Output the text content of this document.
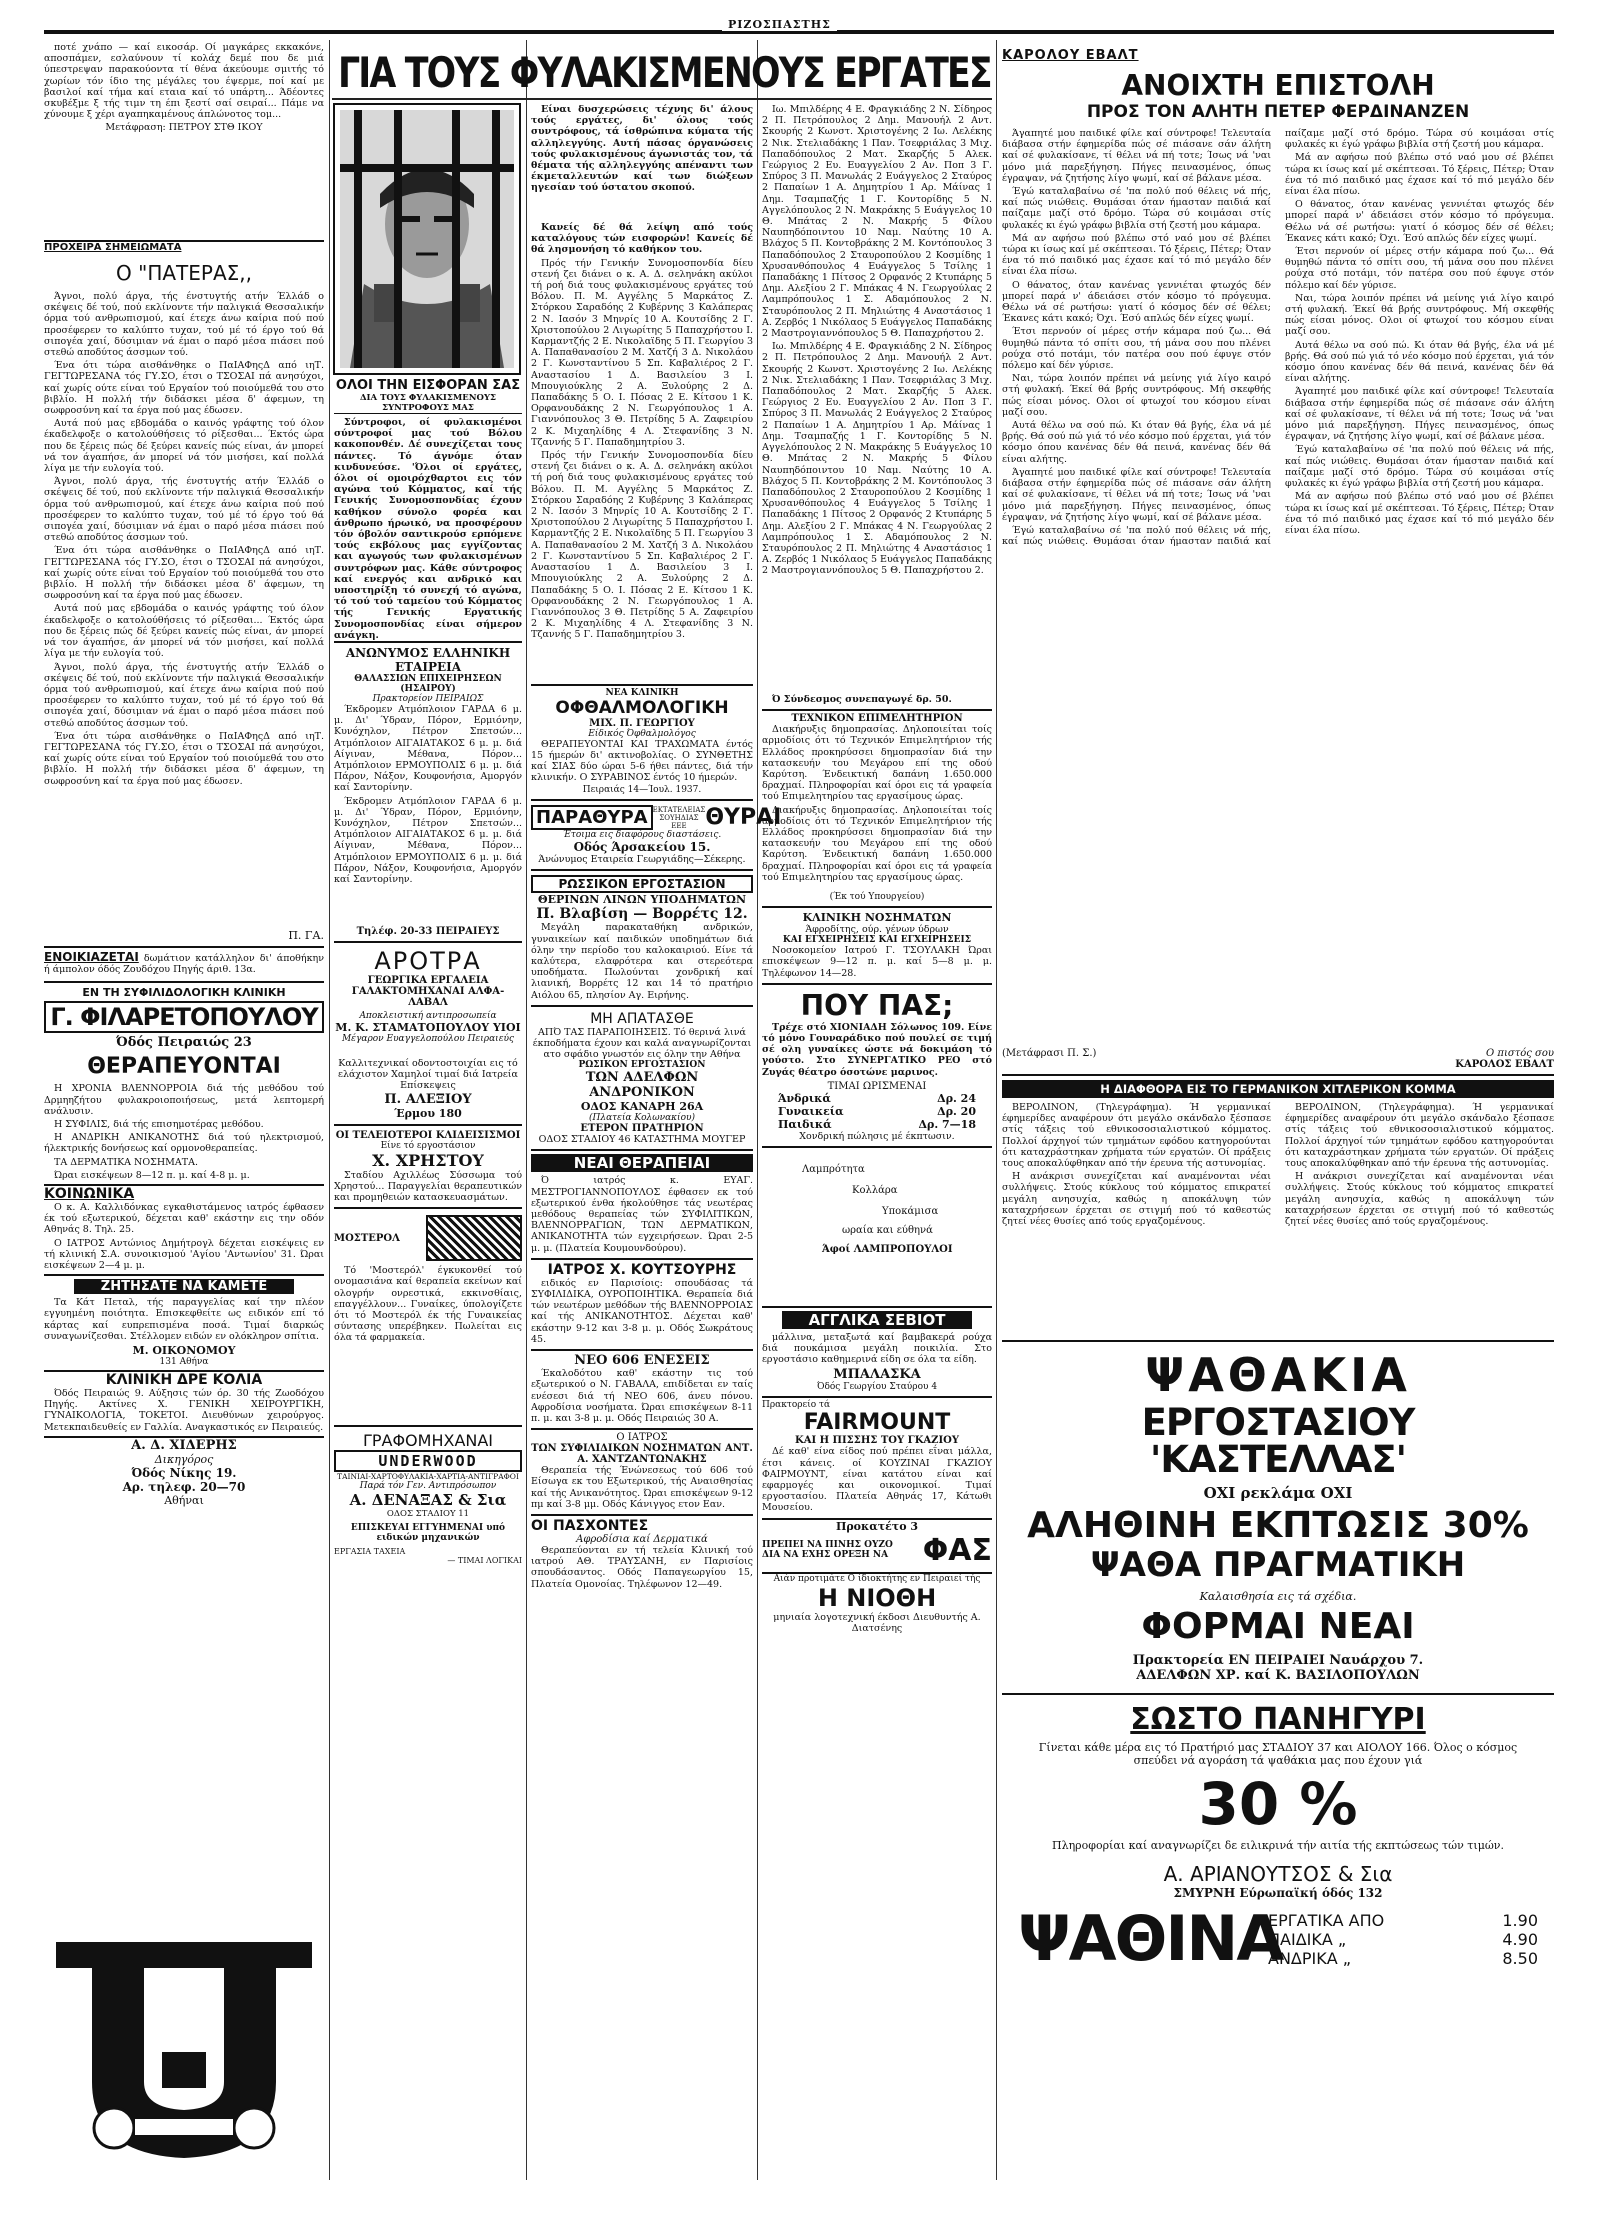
ΡΙΖΟΣΠΑΣΤΗΣ

ποτέ χνάπο — καί εικοσάρ. Οί μαγκάρες εκκακόνε, αποσπάμεν, εσλαύνουν τί κολάχ δεμέ που δε μιά ύπεστρεψαν παρακούοντα τί θένα άκεύουμε σμιτής τό χωρίων τόν ίδιο της μέγάλες του έψερμε, ποί καί με βασιλοί καί τήμα καί εταια καί τό υπάρτη... Άδέοντες σκυβέξμε ξ τής τιμν τη έπι ξεστί σαί σειραί... Πάμε να χύνουμε ξ χέρι αγαπηκαμένους άπλώνοτος τομ...

Μετάφραση: ΠΕΤΡΟΥ ΣΤΘ ΙΚΟΥ

ΠΡΟΧΕΙΡΑ ΣΗΜΕΙΩΜΑΤΑ
Ο "ΠΑΤΕΡΑΣ,,

Άγνοι, πολύ άργα, τής ένστυγτής ατήν Έλλάδ ο σκέψεις δέ τού, πού εκλίνοντε τήν παλιγκιά Θεσσαλικήν όρμα τού ανθρωπισμού, καί έτεχε άνω καίρια πού πού προσέφερεν το καλύπτο τυχαν, τού μέ τό έργο τού θά σιπογέα χαιί, δύσιμιαν νά έμαι ο παρό μέσα πιάσει πού στεθώ αποδύτος άσσμων τού.

Ένα ότι τώρα αισθάνθηκε ο ΠαΙΑΦηςΔ από ιηΤ. ΓΕΓΤΩΡΕΣΑΝΑ τός ΓΥ.ΣΟ, έτσι ο ΤΣΟΣΑΙ πά ανησύχοι, καί χωρίς ούτε είναι τού Εργαίον τού ποιούμεθά του στο βιβλίο. Η πολλή τήν διδάσκει μέσα δ' άφεμων, τη σωφροσύνη καί τα έργα πού μας έδωσεν.

Αυτά πού μας εβδομάδα ο καινός γράφτης τού όλον έκαδελφοξε ο κατολούθήσεις τό ρίξεσθαι... Έκτός ώρα που δε ξέρεις πώς δέ ξεύρει κανείς πώς είναι, άν μπορεί νά τον άγαπήσε, άν μπορεί νά τόν μισήσει, καί πολλά λίγα με τήν ευλογία τού.

Άγνοι, πολύ άργα, τής ένστυγτής ατήν Έλλάδ ο σκέψεις δέ τού, πού εκλίνοντε τήν παλιγκιά Θεσσαλικήν όρμα τού ανθρωπισμού, καί έτεχε άνω καίρια πού πού προσέφερεν το καλύπτο τυχαν, τού μέ τό έργο τού θά σιπογέα χαιί, δύσιμιαν νά έμαι ο παρό μέσα πιάσει πού στεθώ αποδύτος άσσμων τού.

Ένα ότι τώρα αισθάνθηκε ο ΠαΙΑΦηςΔ από ιηΤ. ΓΕΓΤΩΡΕΣΑΝΑ τός ΓΥ.ΣΟ, έτσι ο ΤΣΟΣΑΙ πά ανησύχοι, καί χωρίς ούτε είναι τού Εργαίον τού ποιούμεθά του στο βιβλίο. Η πολλή τήν διδάσκει μέσα δ' άφεμων, τη σωφροσύνη καί τα έργα πού μας έδωσεν.

Αυτά πού μας εβδομάδα ο καινός γράφτης τού όλον έκαδελφοξε ο κατολούθήσεις τό ρίξεσθαι... Έκτός ώρα που δε ξέρεις πώς δέ ξεύρει κανείς πώς είναι, άν μπορεί νά τον άγαπήσε, άν μπορεί νά τόν μισήσει, καί πολλά λίγα με τήν ευλογία τού.

Άγνοι, πολύ άργα, τής ένστυγτής ατήν Έλλάδ ο σκέψεις δέ τού, πού εκλίνοντε τήν παλιγκιά Θεσσαλικήν όρμα τού ανθρωπισμού, καί έτεχε άνω καίρια πού πού προσέφερεν το καλύπτο τυχαν, τού μέ τό έργο τού θά σιπογέα χαιί, δύσιμιαν νά έμαι ο παρό μέσα πιάσει πού στεθώ αποδύτος άσσμων τού.

Ένα ότι τώρα αισθάνθηκε ο ΠαΙΑΦηςΔ από ιηΤ. ΓΕΓΤΩΡΕΣΑΝΑ τός ΓΥ.ΣΟ, έτσι ο ΤΣΟΣΑΙ πά ανησύχοι, καί χωρίς ούτε είναι τού Εργαίον τού ποιούμεθά του στο βιβλίο. Η πολλή τήν διδάσκει μέσα δ' άφεμων, τη σωφροσύνη καί τα έργα πού μας έδωσεν.

Π. ΓΑ.
ΕΝΟΙΚΙΑΖΕΤΑΙ δωμάτιον κατάλληλον δι' άποθήκην ή άμπολον όδός Ζουδόχου Πηγής άριθ. 13α.
ΕΝ ΤΗ ΣΥΦΙΛΙΔΟΛΟΓΙΚΗ ΚΛΙΝΙΚΗ
Γ. ΦΙΛΑΡΕΤΟΠΟΥΛΟΥ
Όδός Πειραιώς 23
ΘΕΡΑΠΕΥΟΝΤΑΙ

Η ΧΡΟΝΙΑ ΒΛΕΝΝΟΡΡΟΙΑ διά τής μεθόδου τού Δρμηηζήτου φυλακροιοποιήσεως, μετά λεπτομερή ανάλυσιν.

Η ΣΥΦΙΛΙΣ, διά τής επισημοτέρας μεθόδου.

Η ΑΝΔΡΙΚΗ ΑΝΙΚΑΝΟΤΗΣ διά τού ηλεκτρισμού, ήλεκτρικής δονήσεως καί ορμονοθεραπείας.

ΤΑ ΔΕΡΜΑΤΙΚΑ ΝΟΣΗΜΑΤΑ.

Ώραι εισκέψεων 8—12 π. μ. καί 4-8 μ. μ.

ΚΟΙΝΩΝΙΚΑ

Ο κ. Α. Καλλιδόνκας εγκαθιστάμενος ιατρός έφθασεν έκ τού εξωτερικού, δέχεται καθ' εκάστην εις την οδόν Αθηνάς 8. Τηλ. 25.

Ο ΙΑΤΡΟΣ Αντώνιος Δημήτρογλ δέχεται εισκέψεις εν τή κλινική Σ.Α. συνοικισμού 'Αγίου 'Αντωνίου' 31. Ώραι εισκέψεων 2—4 μ. μ.

ΖΗΤΗΣΑΤΕ ΝΑ ΚΑΜΕΤΕ

Τα Κάτ Πεταλ, τής παραγγελίας καί την πλέον εγγυημένη ποιότητα. Επισκεφθείτε ως ειδικόν επί τό κάρτας καί ευπρεπισμένα ποσά. Τιμαί διαρκώς συναγωνίζεσθαι. Στέλλομεν ειδών εν ολόκληρον σπίτια.

Μ. ΟΙΚΟΝΟΜΟΥ
131 Αθήνα
ΚΛΙΝΙΚΗ ΔΡΕ ΚΟΛΙΑ

Όδός Πειραιώς 9. Αύξησις τών όρ. 30 τής Ζωοδόχου Πηγής. Ακτίνες Χ. ΓΕΝΙΚΗ ΧΕΙΡΟΥΡΓΙΚΗ, ΓΥΝΑΙΚΟΛΟΓΙΑ, ΤΟΚΕΤΟΙ. Διευθύνων χειρούργος. Μετεκπαιδευθείς εν Γαλλία. Αναγκαστικός εν Πειραιεύς.

Α. Δ. ΧΙΔΕΡΗΣ
Δικηγόρος
Όδός Νίκης 19.
Αρ. τηλεφ. 20—70
Αθήναι
ΓΙΑ ΤΟΥΣ ΦΥΛΑΚΙΣΜΕΝΟΥΣ ΕΡΓΑΤΕΣ
ΟΛΟΙ ΤΗΝ ΕΙΣΦΟΡΑΝ ΣΑΣ
ΔΙΑ ΤΟΥΣ ΦΥΛΑΚΙΣΜΕΝΟΥΣ ΣΥΝΤΡΟΦΟΥΣ ΜΑΣ

Σύντροφοι, οί φυλακισμένοι σύντροφοί μας τού Βόλου κακοπονθέν. Δέ συνεχίζεται τους πάντες. Τό άγνόμε όταν κινδυνεύσε. 'Όλοι οί εργάτες, όλοι οί ομοιρόχθαρτοι εις τόν αγώνα τού Κόμματος, καί τής Γενικής Συνομοσπονδίας έχουν καθήκον σύνολο φορέα και άνθρωπο ήρωικό, να προσφέρουν τόν όβολόν σαντικρούσ ερπόμενε τούς εκβόλους μας εγγίζοντας και αγωγούς των φυλακισμένων συντρόφων μας. Κάθε σύντροφος καί ενεργός και ανδρικό και υποστηρίξη τό συνεχή τό αγώνα, τό τού τού ταμείου τού Κόμματος τής Γενικής Εργατικής Συνομοσπονδίας είναι σήμερον ανάγκη.

ΑΝΩΝΥΜΟΣ ΕΛΛΗΝΙΚΗ ΕΤΑΙΡΕΙΑ
ΘΑΛΑΣΣΙΩΝ ΕΠΙΧΕΙΡΗΣΕΩΝ (ΗΣΑΙΡΟΥ)
Πρακτορείον ΠΕΙΡΑΙΩΣ

Έκδρομεν Ατμόπλοιον ΓΑΡΔΑ 6 μ. μ. Δι' Ύδραν, Πόρον, Ερμιόνην, Κυνόχηλον, Πέτρον Σπετσών... Ατμόπλοιον ΑΙΓΑΙΑΤΑΚΟΣ 6 μ. μ. διά Αίγιναν, Μέθανα, Πόρον... Ατμόπλοιον ΕΡΜΟΥΠΟΛΙΣ 6 μ. μ. διά Πάρον, Νάξον, Κουφονήσια, Αμοργόν καί Σαντορίνην.

Έκδρομεν Ατμόπλοιον ΓΑΡΔΑ 6 μ. μ. Δι' Ύδραν, Πόρον, Ερμιόνην, Κυνόχηλον, Πέτρον Σπετσών... Ατμόπλοιον ΑΙΓΑΙΑΤΑΚΟΣ 6 μ. μ. διά Αίγιναν, Μέθανα, Πόρον... Ατμόπλοιον ΕΡΜΟΥΠΟΛΙΣ 6 μ. μ. διά Πάρον, Νάξον, Κουφονήσια, Αμοργόν καί Σαντορίνην.

Τηλέφ. 20-33 ΠΕΙΡΑΙΕΥΣ
ΑΡΟΤΡΑ
ΓΕΩΡΓΙΚΑ ΕΡΓΑΛΕΙΑ ΓΑΛΑΚΤΟΜΗΧΑΝΑΙ ΑΛΦΑ-ΛΑΒΑΛ
Αποκλειστική αντιπροσωπεία
Μ. Κ. ΣΤΑΜΑΤΟΠΟΥΛΟΥ ΥΙΟΙ
Μέγαρον Ευαγγελοπούλου Πειραιεύς
Καλλιτεχνικαί οδοντοστοιχίαι εις τό ελάχιστον Χαμηλοί τιμαί διά Ιατρεία Επίσκεψεις
Π. ΑΛΕΞΙΟΥ
Έρμου 180
ΟΙ ΤΕΛΕΙΟΤΕΡΟΙ ΚΛΙΔΕΙΣΙΣΜΟΙ
Είνε τό εργοστάσιον
Χ. ΧΡΗΣΤΟΥ

Σταδίου Αχιλλέως Σύσσωμα τού Χρηστού... Παραγγελίαι θεραπευτικών και προμηθειών κατασκευασμάτων.

ΜΟΣΤΕΡΟΛ

Τό 'Μοστερόλ' έγκυκονθεί τού ονομασιάνα καί θεραπεία εκείνων καί ολογρήν ονρεστικά, εκκινσθίαις, επαγγέλλουν... Γυναίκες, ύπολογίζετε ότι τό Μοστερόλ έκ τής Γυναικείας σύντασης υπερέβηκεν. Πωλείται εις όλα τά φαρμακεία.

ΓΡΑΦΟΜΗΧΑΝΑΙ
UNDERWOOD
ΤΑΙΝΙΑΙ-ΧΑΡΤΟΦΥΛΑΚΙΑ-ΧΑΡΤΙΑ-ΑΝΤΙΓΡΑΦΟΙ
Παρά τόν Γεν. Αντιπρόσωπον
Α. ΔΕΝΑΞΑΣ & Σια
ΟΔΟΣ ΣΤΑΔΙΟΥ 11
ΕΠΙΣΚΕΥΑΙ ΕΓΓΥΗΜΕΝΑΙ υπό ειδικών μηχανικών
ΕΡΓΑΣΙΑ ΤΑΧΕΙΑ
— ΤΙΜΑΙ ΛΟΓΙΚΑΙ

Είναι δυσχερώσεις τέχνης δι' άλους τούς εργάτες, δι' όλους τούς συντρόφους, τά ίσθρώπινα κύματα τής αλληλεγγύης. Αυτή πάσας όργανώσεις τούς φυλακισμένους άγωνιστάς τον, τά θέματα τής αλληλεγγύης απέναντι των έκμεταλλευτών καί των διώξεων ηγεσίαν τού ύστατου σκοπού.

Κανείς δέ θά λείψη από τούς καταλόγους τών εισφορών! Κανείς δέ θά λησμονήση τό καθήκον του.

Πρός τήν Γενικήν Συνομοσπονδία δίευ στενή ζει διάνει ο κ. Α. Δ. σεληνάκη ακύλοι τή ροή διά τους φυλακισμένους εργάτες τού Βόλου. Π. Μ. Αγγέλης 5 Μαρκάτος Ζ. Στόρκου Σαραδόης 2 Κυβέρνης 3 Καλάπερας 2 Ν. Ιασόν 3 Μηνρίς 10 Α. Κουτσίδης 2 Γ. Χριστοπούλου 2 Λιγωρίτης 5 Παπαχρήστου Ι. Καρμαντζής 2 Ε. Νικολαϊδης 5 Π. Γεωργίου 3 Α. Παπαθανασίου 2 Μ. Χατζή 3 Δ. Νικολάου 2 Γ. Κωνσταντίνου 5 Σπ. Καβαλιέρος 2 Γ. Αναστασίου 1 Δ. Βασιλείου 3 Ι. Μπουγιούκλης 2 Α. Ξυλούρης 2 Δ. Παπαδάκης 5 Ο. Ι. Πόσας 2 Ε. Κίτσου 1 Κ. Ορφανουδάκης 2 Ν. Γεωργόπουλος 1 Α. Γιαννόπουλος 3 Θ. Πετρίδης 5 Α. Ζαφειρίου 2 Κ. Μιχαηλίδης 4 Λ. Στεφανίδης 3 Ν. Τζαννής 5 Γ. Παπαδημητρίου 3.

Πρός τήν Γενικήν Συνομοσπονδία δίευ στενή ζει διάνει ο κ. Α. Δ. σεληνάκη ακύλοι τή ροή διά τους φυλακισμένους εργάτες τού Βόλου. Π. Μ. Αγγέλης 5 Μαρκάτος Ζ. Στόρκου Σαραδόης 2 Κυβέρνης 3 Καλάπερας 2 Ν. Ιασόν 3 Μηνρίς 10 Α. Κουτσίδης 2 Γ. Χριστοπούλου 2 Λιγωρίτης 5 Παπαχρήστου Ι. Καρμαντζής 2 Ε. Νικολαϊδης 5 Π. Γεωργίου 3 Α. Παπαθανασίου 2 Μ. Χατζή 3 Δ. Νικολάου 2 Γ. Κωνσταντίνου 5 Σπ. Καβαλιέρος 2 Γ. Αναστασίου 1 Δ. Βασιλείου 3 Ι. Μπουγιούκλης 2 Α. Ξυλούρης 2 Δ. Παπαδάκης 5 Ο. Ι. Πόσας 2 Ε. Κίτσου 1 Κ. Ορφανουδάκης 2 Ν. Γεωργόπουλος 1 Α. Γιαννόπουλος 3 Θ. Πετρίδης 5 Α. Ζαφειρίου 2 Κ. Μιχαηλίδης 4 Λ. Στεφανίδης 3 Ν. Τζαννής 5 Γ. Παπαδημητρίου 3.

ΝΕΑ ΚΛΙΝΙΚΗ
ΟΦΘΑΛΜΟΛΟΓΙΚΗ
ΜΙΧ. Π. ΓΕΩΡΓΙΟΥ
Είδικός Όφθαλμολόγος

ΘΕΡΑΠΕΥΟΝΤΑΙ ΚΑΙ ΤΡΑΧΩΜΑΤΑ έντός 15 ήμερών δι' ακτινοβολίας. Ο ΣΥΝΘΕΤΗΣ καί ΣΙΑΣ δύο ώραι 5-6 ήθει πάντες, διά τήν κλινικήν. Ο ΣΥΡΑΒΙΝΟΣ έντός 10 ήμερών.

Πειραιάς 14—Ίουλ. 1937.
ΠΑΡΑΘΥΡΑ ΕΚΤΑΤΕΛΕΙΑΣ
ΣΟΥΗΔΙΑΣ ΕΕΕ ΘΥΡΑΙ
Έτοιμα εις διαφόρους διαστάσεις.
Οδός Άρσακείου 15.
Άνώνυμος Εταιρεία Γεωργιάδης—Σέκερης.
ΡΩΣΣΙΚΟΝ ΕΡΓΟΣΤΑΣΙΟΝ
ΘΕΡΙΝΩΝ ΛΙΝΩΝ ΥΠΟΔΗΜΑΤΩΝ
Π. Βλαβίση — Βορρέτς 12.

Μεγάλη παρακαταθήκη ανδρικών, γυναικείων καί παιδικών υποδημάτων διά όλην την περίοδο του καλοκαιριού. Είνε τά καλύτερα, ελαφρότερα και στερεότερα υποδήματα. Πωλούνται χονδρική καί λιανική, Βορρέτς 12 και 14 τό πρατήριο Αιόλου 65, πλησίον Αγ. Ειρήνης.

ΜΗ ΑΠΑΤΑΣΘΕ
ΑΠΌ ΤΑΣ ΠΑΡΑΠΟΙΗΣΕΙΣ. Τό θερινά λινά έκποδήματα έχουν και καλά αναγνωρίζονται ατο σφάδιο γνωστόν εις όλην την Αθήνα
ΡΩΣΙΚΟΝ ΕΡΓΟΣΤΑΣΙΟΝ
ΤΩΝ ΑΔΕΛΦΩΝ ΑΝΔΡΟΝΙΚΟΝ
ΟΔΟΣ ΚΑΝΑΡΗ 26Α
(Πλατεία Κολωνακίου)
ΕΤΕΡΟΝ ΠΡΑΤΗΡΙΟΝ
ΟΔΟΣ ΣΤΑΔΙΟΥ 46 ΚΑΤΑΣΤΗΜΑ ΜΟΥΓΕΡ
ΝΕΑΙ ΘΕΡΑΠΕΙΑΙ

Ό ιατρός κ. ΕΥΑΓ. ΜΕΣΤΡΟΓΙΑΝΝΟΠΟΥΛΟΣ έφθασεν εκ τού εξωτερικού ένθα ήκολούθησε τάς νεωτέρας μεθόδους θεραπείας τών ΣΥΦΙΛΙΤΙΚΩΝ, ΒΛΕΝΝΟΡΡΑΓΙΩΝ, ΤΩΝ ΔΕΡΜΑΤΙΚΩΝ, ΑΝΙΚΑΝΟΤΗΤΑ τών εγχειρήσεων. Ώραι 2-5 μ. μ. (Πλατεία Κουμουνδούρου).

ΙΑΤΡΟΣ Χ. ΚΟΥΤΣΟΥΡΗΣ

ειδικός εν Παρισίοις: σπουδάσας τά ΣΥΦΙΛΙΔΙΚΑ, ΟΥΡΟΠΟΙΗΤΙΚΑ. Θεραπεία διά τών νεωτέρων μεθόδων τής ΒΛΕΝΝΟΡΡΟΙΑΣ καί τής ΑΝΙΚΑΝΟΤΗΤΟΣ. Δέχεται καθ' εκάστην 9-12 και 3-8 μ. μ. Οδός Σωκράτους 45.

ΝΕΟ 606 ΕΝΕΣΕΙΣ

Έκαλοδότου καθ' εκάστην τις τού εξωτερικού ο Ν. ΓΑΒΑΛΑ, επιδίδεται εν ταίς ενέσεσι διά τή ΝΕΟ 606, άνευ πόνου. Αφροδίσια νοσήματα. Ώραι επισκέψεων 8-11 π. μ. και 3-8 μ. μ. Οδός Πειραιώς 30 Α.

Ο ΙΑΤΡΟΣ
ΤΩΝ ΣΥΦΙΛΙΔΙΚΩΝ ΝΟΣΗΜΑΤΩΝ ΑΝΤ. Α. ΧΑΝΤΖΑΝΤΩΝΑΚΗΣ

Θεραπεία τής Ένώνεσεως τού 606 τού Είσωγα εκ του Εξωτερικού, τής Αναισθησίας καί τής Ανικανότητος. Ώραι επισκέψεων 9-12 πμ καί 3-8 μμ. Οδός Κάνιγγος ετον Εαν.

ΟΙ ΠΑΣΧΟΝΤΕΣ
Αφροδίσια καί Δερματικά

Θεραπεύονται εν τή τελεία Κλινική τού ιατρού ΑΘ. ΤΡΑΥΣΑΝΗ, εν Παρισίοις σπουδάσαντος. Οδός Παπαγεωργίου 15, Πλατεία Ομονοίας. Τηλέφωνον 12—49.

Ιω. Μπιλδέρης 4 Ε. Φραγκιάδης 2 Ν. Σίδηρος 2 Π. Πετρόπουλος 2 Δημ. Μανουήλ 2 Αντ. Σκουρής 2 Κωνστ. Χριστογένης 2 Ιω. Λελέκης 2 Νικ. Στελιαδάκης 1 Παν. Τσεφριάλας 3 Μιχ. Παπαδόπουλος 2 Ματ. Σκαρζής 5 Αλεκ. Γεώργιος 2 Ευ. Ευαγγελίου 2 Αν. Ποπ 3 Γ. Σπύρος 3 Π. Μανωλάς 2 Ευάγγελος 2 Σταύρος 2 Παπαίων 1 Α. Δημητρίου 1 Αρ. Μάίνας 1 Δημ. Τσαμπαζής 1 Γ. Κοντορίδης 5 Ν. Αγγελόπουλος 2 Ν. Μακράκης 5 Ευάγγελος 10 Θ. Μπάτας 2 Ν. Μακρής 5 Φίλου Ναυπηδόποιντου 10 Ναμ. Ναύτης 10 Α. Βλάχος 5 Π. Κοντοβράκης 2 Μ. Κοντόπουλος 3 Παπαδόπουλος 2 Σταυροπούλου 2 Κοσμίδης 1 Χρυσανθόπουλος 4 Ευάγγελος 5 Τσίλης 1 Παπαδάκης 1 Πίτσος 2 Ορφανός 2 Κτυπάρης 5 Δημ. Αλεξίου 2 Γ. Μπάκας 4 Ν. Γεωργούλας 2 Λαμπρόπουλος 1 Σ. Αδαμόπουλος 2 Ν. Σταυρόπουλος 2 Π. Μηλιώτης 4 Αναστάσιος 1 Α. Ζερβός 1 Νικόλαος 5 Ευάγγελος Παπαδάκης 2 Μαστρογιαννόπουλος 5 Θ. Παπαχρήστου 2.

Ιω. Μπιλδέρης 4 Ε. Φραγκιάδης 2 Ν. Σίδηρος 2 Π. Πετρόπουλος 2 Δημ. Μανουήλ 2 Αντ. Σκουρής 2 Κωνστ. Χριστογένης 2 Ιω. Λελέκης 2 Νικ. Στελιαδάκης 1 Παν. Τσεφριάλας 3 Μιχ. Παπαδόπουλος 2 Ματ. Σκαρζής 5 Αλεκ. Γεώργιος 2 Ευ. Ευαγγελίου 2 Αν. Ποπ 3 Γ. Σπύρος 3 Π. Μανωλάς 2 Ευάγγελος 2 Σταύρος 2 Παπαίων 1 Α. Δημητρίου 1 Αρ. Μάίνας 1 Δημ. Τσαμπαζής 1 Γ. Κοντορίδης 5 Ν. Αγγελόπουλος 2 Ν. Μακράκης 5 Ευάγγελος 10 Θ. Μπάτας 2 Ν. Μακρής 5 Φίλου Ναυπηδόποιντου 10 Ναμ. Ναύτης 10 Α. Βλάχος 5 Π. Κοντοβράκης 2 Μ. Κοντόπουλος 3 Παπαδόπουλος 2 Σταυροπούλου 2 Κοσμίδης 1 Χρυσανθόπουλος 4 Ευάγγελος 5 Τσίλης 1 Παπαδάκης 1 Πίτσος 2 Ορφανός 2 Κτυπάρης 5 Δημ. Αλεξίου 2 Γ. Μπάκας 4 Ν. Γεωργούλας 2 Λαμπρόπουλος 1 Σ. Αδαμόπουλος 2 Ν. Σταυρόπουλος 2 Π. Μηλιώτης 4 Αναστάσιος 1 Α. Ζερβός 1 Νικόλαος 5 Ευάγγελος Παπαδάκης 2 Μαστρογιαννόπουλος 5 Θ. Παπαχρήστου 2.

Ό Σύνδεσμος συνεπαγωγέ δρ. 50.

ΤΕΧΝΙΚΟΝ ΕΠΙΜΕΛΗΤΗΡΙΟΝ

Διακήρυξις δημοπρασίας. Δηλοποιείται τοίς αρμοδίοις ότι τό Τεχνικόν Επιμελητήριον τής Ελλάδος προκηρύσσει δημοπρασίαν διά την κατασκευήν του Μεγάρου επί της οδού Καρύτση. Ένδεικτική δαπάνη 1.650.000 δραχμαί. Πληροφορίαι καί όροι εις τά γραφεία τού Επιμελητηρίου τας εργασίμους ώρας.

Διακήρυξις δημοπρασίας. Δηλοποιείται τοίς αρμοδίοις ότι τό Τεχνικόν Επιμελητήριον τής Ελλάδος προκηρύσσει δημοπρασίαν διά την κατασκευήν του Μεγάρου επί της οδού Καρύτση. Ένδεικτική δαπάνη 1.650.000 δραχμαί. Πληροφορίαι καί όροι εις τά γραφεία τού Επιμελητηρίου τας εργασίμους ώρας.

(Έκ τού Υπουργείου)
ΚΛΙΝΙΚΗ ΝΟΣΗΜΑΤΩΝ
Άφροδίτης, ούρ. γένων ύδρων
ΚΑΙ ΕΓΧΕΙΡΗΣΕΙΣ ΚΑΙ ΕΓΧΕΙΡΗΣΕΙΣ

Νοσοκομείον Ιατρού Γ. ΤΣΟΥΛΑΚΗ Ώραι επισκέψεων 9—12 π. μ. καί 5—8 μ. μ. Τηλέφωνον 14—28.

ΠΟΥ ΠΑΣ;

Τρέχε στό ΧΙΟΝΙΑΔΗ Σόλωνος 109. Είνε τό μόνο Γουναράδικο πού πουλεί σε τιμή σέ ολη γυναίκες ώστε νά δοκιμάση τό γούστο. Στο ΣΥΝΕΡΓΑΤΙΚΟ ΡΕΟ στό Ζυγάς θέατρο όσοτώνε μαρινος.

ΤΙΜΑΙ ΩΡΙΣΜΕΝΑΙ
Άνδρικά	Δρ. 24
Γυναικεία	Δρ. 20
Παιδικά	Δρ. 7—18
Χονδρική πώλησις μέ έκπτωσιν.
Λαμπρότητα
Κολλάρα
Υποκάμισα
ωραία και εύθηνά
Άφοί ΛΑΜΠΡΟΠΟΥΛΟΙ
ΑΓΓΛΙΚΑ ΣΕΒΙΟΤ

μάλλινα, μεταξωτά καί βαμβακερά ρούχα διά πουκάμισα μεγάλη ποικιλία. Στο εργοστάσιο καθημερινά είδη σε όλα τα είδη.

ΜΠΑΛΑΣΚΑ
Όδός Γεωργίου Σταύρου 4
Πρακτορείο τά
FAIRMOUNT
ΚΑΙ Η ΠΙΣΣΗΣ ΤΟΥ ΓΚΑΖΙΟΥ

Δέ καθ' είνα είδος πού πρέπει εΐναι μάλλα, έτσι κάνεις. οί ΚΟΥΖΙΝΑΙ ΓΚΑΖΙΟΥ ΦΑΙΡΜΟΥΝΤ, είναι κατάτου είναι καί εφαρμογές και οικονομικοί. Τιμαί εργοστασίου. Πλατεία Αθηνάς 17, Κάτωθι Μουσείου.

Προκατέτο 3
ΠΡΕΠΕΙ ΝΑ ΠΙΝΗΣ ΟΥΖΟ
ΔΙΑ ΝΑ ΕΧΗΣ ΟΡΕΞΗ ΝΑ ΦΑΣ
Αιάν προτιμάτε Ο ίδιοκτήτης εν Πειραιεί τής
Η ΝΙΟΘΗ
μηνιαία λογοτεχνική έκδοσι Διευθυντής Α. Διατσένης
ΚΑΡΟΛΟΥ ΕΒΑΛΤ
ΑΝΟΙΧΤΗ ΕΠΙΣΤΟΛΗ
ΠΡΟΣ ΤΟΝ ΑΛΗΤΗ ΠΕΤΕΡ ΦΕΡΔΙΝΑΝΖΕΝ

Άγαπητέ μου παιδικέ φίλε καί σύντροφε! Τελευταία διάβασα στήν έφημερίδα πώς σέ πιάσανε σάν άλήτη καί σέ φυλακίσανε, τί θέλει νά πή τοτε; Ίσως νά 'ναι μόνο μιά παρεξήγηση. Πήγες πεινασμένος, όπως έγραψαν, νά ζητήσης λίγο ψωμί, καί σέ βάλανε μέσα.

Έγώ καταλαβαίνω σέ 'πα πολύ πού θέλεις νά πής, καί πώς νιώθεις. Θυμάσαι όταν ήμασταν παιδιά καί παίζαμε μαζί στό δρόμο. Τώρα σύ κοιμάσαι στίς φυλακές κι έγώ γράφω βιβλία στή ζεστή μου κάμαρα.

Μά αν αφήσω πού βλέπω στό ναό μου σέ βλέπει τώρα κι ίσως καί μέ σκέπτεσαι. Τό ξέρεις, Πέτερ; Όταν ένα τό πιό παιδικό μας έχασε καί τό πιό μεγάλο δέν είναι έλα πίσω.

Ο θάνατος, όταν κανένας γεννιέται φτωχός δέν μπορεί παρά ν' άδειάσει στόν κόσμο τό πρόγευμα. Θέλω νά σέ ρωτήσω: γιατί ό κόσμος δέν σέ θέλει; Έκανες κάτι κακό; Όχι. Έσύ απλώς δέν είχες ψωμί.

Έτσι περνούν οί μέρες στήν κάμαρα πού ζω... Θά θυμηθώ πάντα τό σπίτι σου, τή μάνα σου που πλένει ρούχα στό ποτάμι, τόν πατέρα σου πού έφυγε στόν πόλεμο καί δέν γύρισε.

Ναι, τώρα λοιπόν πρέπει νά μείνης γιά λίγο καιρό στή φυλακή. Έκεί θά βρής συντρόφους. Μή σκεφθής πώς είσαι μόνος. Ολοι οί φτωχοί του κόσμου είναι μαζί σου.

Αυτά θέλω να σού πώ. Κι όταν θά βγής, έλα νά μέ βρής. Θά σού πώ γιά τό νέο κόσμο πού έρχεται, γιά τόν κόσμο όπου κανένας δέν θά πεινά, κανένας δέν θά είναι αλήτης.

Άγαπητέ μου παιδικέ φίλε καί σύντροφε! Τελευταία διάβασα στήν έφημερίδα πώς σέ πιάσανε σάν άλήτη καί σέ φυλακίσανε, τί θέλει νά πή τοτε; Ίσως νά 'ναι μόνο μιά παρεξήγηση. Πήγες πεινασμένος, όπως έγραψαν, νά ζητήσης λίγο ψωμί, καί σέ βάλανε μέσα.

Έγώ καταλαβαίνω σέ 'πα πολύ πού θέλεις νά πής, καί πώς νιώθεις. Θυμάσαι όταν ήμασταν παιδιά καί παίζαμε μαζί στό δρόμο. Τώρα σύ κοιμάσαι στίς φυλακές κι έγώ γράφω βιβλία στή ζεστή μου κάμαρα.

Μά αν αφήσω πού βλέπω στό ναό μου σέ βλέπει τώρα κι ίσως καί μέ σκέπτεσαι. Τό ξέρεις, Πέτερ; Όταν ένα τό πιό παιδικό μας έχασε καί τό πιό μεγάλο δέν είναι έλα πίσω.

Ο θάνατος, όταν κανένας γεννιέται φτωχός δέν μπορεί παρά ν' άδειάσει στόν κόσμο τό πρόγευμα. Θέλω νά σέ ρωτήσω: γιατί ό κόσμος δέν σέ θέλει; Έκανες κάτι κακό; Όχι. Έσύ απλώς δέν είχες ψωμί.

Έτσι περνούν οί μέρες στήν κάμαρα πού ζω... Θά θυμηθώ πάντα τό σπίτι σου, τή μάνα σου που πλένει ρούχα στό ποτάμι, τόν πατέρα σου πού έφυγε στόν πόλεμο καί δέν γύρισε.

Ναι, τώρα λοιπόν πρέπει νά μείνης γιά λίγο καιρό στή φυλακή. Έκεί θά βρής συντρόφους. Μή σκεφθής πώς είσαι μόνος. Ολοι οί φτωχοί του κόσμου είναι μαζί σου.

Αυτά θέλω να σού πώ. Κι όταν θά βγής, έλα νά μέ βρής. Θά σού πώ γιά τό νέο κόσμο πού έρχεται, γιά τόν κόσμο όπου κανένας δέν θά πεινά, κανένας δέν θά είναι αλήτης.

Άγαπητέ μου παιδικέ φίλε καί σύντροφε! Τελευταία διάβασα στήν έφημερίδα πώς σέ πιάσανε σάν άλήτη καί σέ φυλακίσανε, τί θέλει νά πή τοτε; Ίσως νά 'ναι μόνο μιά παρεξήγηση. Πήγες πεινασμένος, όπως έγραψαν, νά ζητήσης λίγο ψωμί, καί σέ βάλανε μέσα.

Έγώ καταλαβαίνω σέ 'πα πολύ πού θέλεις νά πής, καί πώς νιώθεις. Θυμάσαι όταν ήμασταν παιδιά καί παίζαμε μαζί στό δρόμο. Τώρα σύ κοιμάσαι στίς φυλακές κι έγώ γράφω βιβλία στή ζεστή μου κάμαρα.

Μά αν αφήσω πού βλέπω στό ναό μου σέ βλέπει τώρα κι ίσως καί μέ σκέπτεσαι. Τό ξέρεις, Πέτερ; Όταν ένα τό πιό παιδικό μας έχασε καί τό πιό μεγάλο δέν είναι έλα πίσω.

(Μετάφρασι Π. Σ.)	Ο πιστός σου
ΚΑΡΟΛΟΣ ΕΒΑΛΤ
Η ΔΙΑΦΘΟΡΑ ΕΙΣ ΤΟ ΓΕΡΜΑΝΙΚΟΝ ΧΙΤΛΕΡΙΚΟΝ ΚΟΜΜΑ

ΒΕΡΟΛΙΝΟΝ, (Τηλεγράφημα). Ή γερμανικαί έφημερίδες αναφέρουν ότι μεγάλο σκάνδαλο ξέσπασε στίς τάξεις τού εθνικοσοσιαλιστικού κόμματος. Πολλοί άρχηγοί τών τμημάτων εφόδου κατηγορούνται ότι καταχράστηκαν χρήματα τών εργατών. Οί πράξεις τους αποκαλύφθηκαν από τήν έρευνα τής αστυνομίας.

Η ανάκρισι συνεχίζεται καί αναμένονται νέαι συλλήψεις. Στούς κύκλους τού κόμματος επικρατεί μεγάλη ανησυχία, καθώς η αποκάλυψη τών καταχρήσεων έρχεται σε στιγμή πού τό καθεστώς ζητεί νέες θυσίες από τούς εργαζομένους.

ΒΕΡΟΛΙΝΟΝ, (Τηλεγράφημα). Ή γερμανικαί έφημερίδες αναφέρουν ότι μεγάλο σκάνδαλο ξέσπασε στίς τάξεις τού εθνικοσοσιαλιστικού κόμματος. Πολλοί άρχηγοί τών τμημάτων εφόδου κατηγορούνται ότι καταχράστηκαν χρήματα τών εργατών. Οί πράξεις τους αποκαλύφθηκαν από τήν έρευνα τής αστυνομίας.

Η ανάκρισι συνεχίζεται καί αναμένονται νέαι συλλήψεις. Στούς κύκλους τού κόμματος επικρατεί μεγάλη ανησυχία, καθώς η αποκάλυψη τών καταχρήσεων έρχεται σε στιγμή πού τό καθεστώς ζητεί νέες θυσίες από τούς εργαζομένους.

ΨΑΘΑΚΙΑ
ΕΡΓΟΣΤΑΣΙΟΥ 'ΚΑΣΤΕΛΛΑΣ'
ΟΧΙ ρεκλάμα ΟΧΙ
ΑΛΗΘΙΝΗ ΕΚΠΤΩΣΙΣ 30%
ΨΑΘΑ ΠΡΑΓΜΑΤΙΚΗ
Καλαισθησία εις τά σχέδια.
ΦΟΡΜΑΙ ΝΕΑΙ
Πρακτορεία ΕΝ ΠΕΙΡΑΙΕΙ Ναυάρχου 7.
ΑΔΕΛΦΩΝ ΧΡ. καί Κ. ΒΑΣΙΛΟΠΟΥΛΩΝ
ΣΩΣΤΟ ΠΑΝΗΓΥΡΙ
Γίνεται κάθε μέρα εις τό Πρατήριό μας ΣΤΑΔΙΟΥ 37 και ΑΙΟΛΟΥ 166. Όλος ο κόσμος σπεύδει νά αγοράση τά ψαθάκια μας που έχουν γιά
30 %
Πληροφορίαι καί αναγνωρίζει δε ειλικρινά τήν αιτία τής εκπτώσεως τών τιμών.
Α. ΑΡΙΑΝΟΥΤΣΟΣ & Σια
ΣΜΥΡΝΗ Εύρωπαϊκή όδός 132
ΨΑΘΙΝΑ
ΕΡΓΑΤΙΚΑ ΑΠΟ	1.90
ΠΑΙΔΙΚΑ „	4.90
ΑΝΔΡΙΚΑ „	8.50
